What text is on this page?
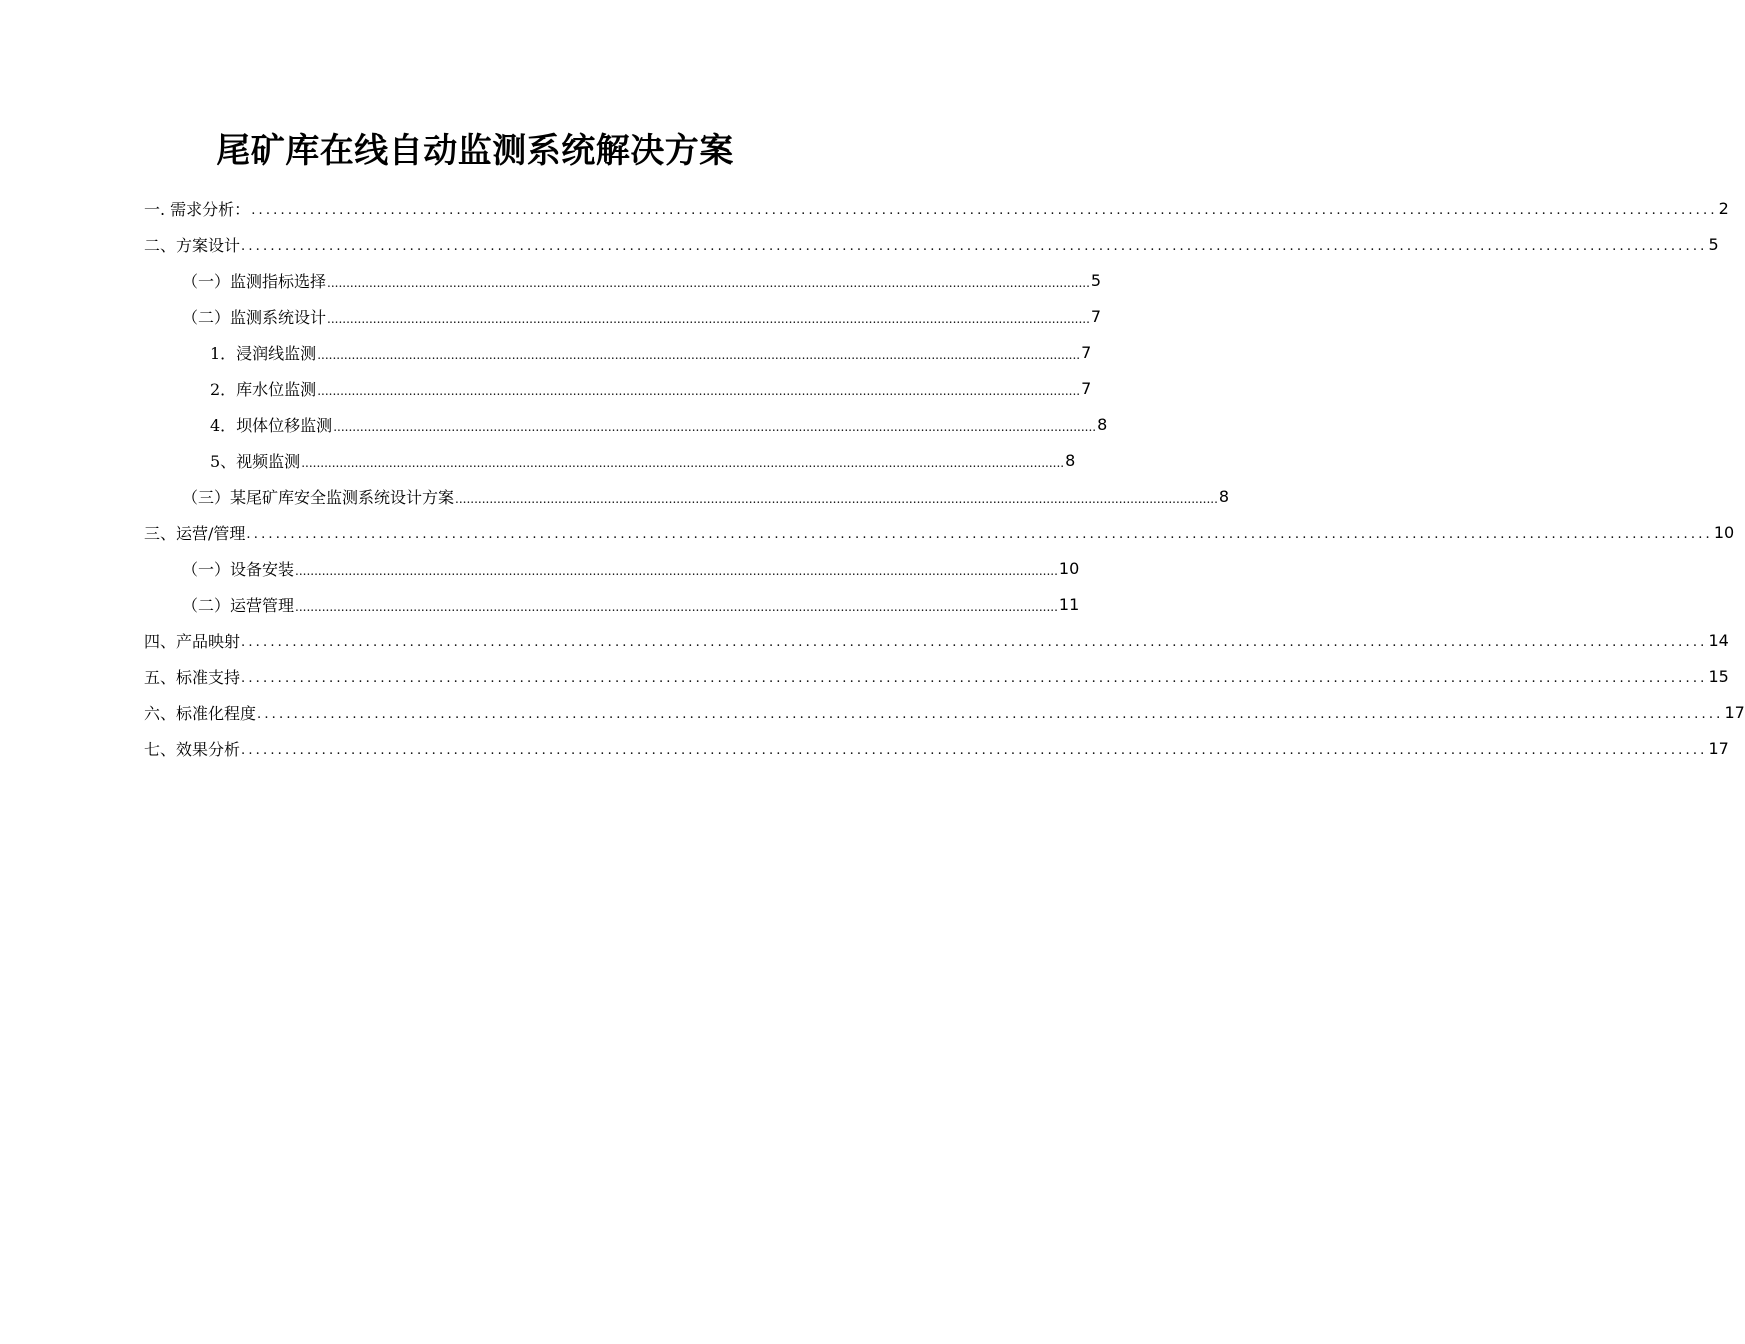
尾矿库在线自动监测系统解决方案
一. 需求分析： ........................................................................................................................................................................................................ 2
二、方案设计 ........................................................................................................................................................................................................ 5
（一）监测指标选择 ........................................................................................................................................................................................................ 5
（二）监测系统设计 ........................................................................................................................................................................................................ 7
1．浸润线监测 ........................................................................................................................................................................................................ 7
2．库水位监测 ........................................................................................................................................................................................................ 7
4．坝体位移监测 ........................................................................................................................................................................................................ 8
5、视频监测 ........................................................................................................................................................................................................ 8
（三）某尾矿库安全监测系统设计方案 ........................................................................................................................................................................................................ 8
三、运营/管理 ........................................................................................................................................................................................................ 10
（一）设备安装 ........................................................................................................................................................................................................ 10
（二）运营管理 ........................................................................................................................................................................................................ 11
四、产品映射 ........................................................................................................................................................................................................ 14
五、标准支持 ........................................................................................................................................................................................................ 15
六、标准化程度 ........................................................................................................................................................................................................ 17
七、效果分析 ........................................................................................................................................................................................................ 17
